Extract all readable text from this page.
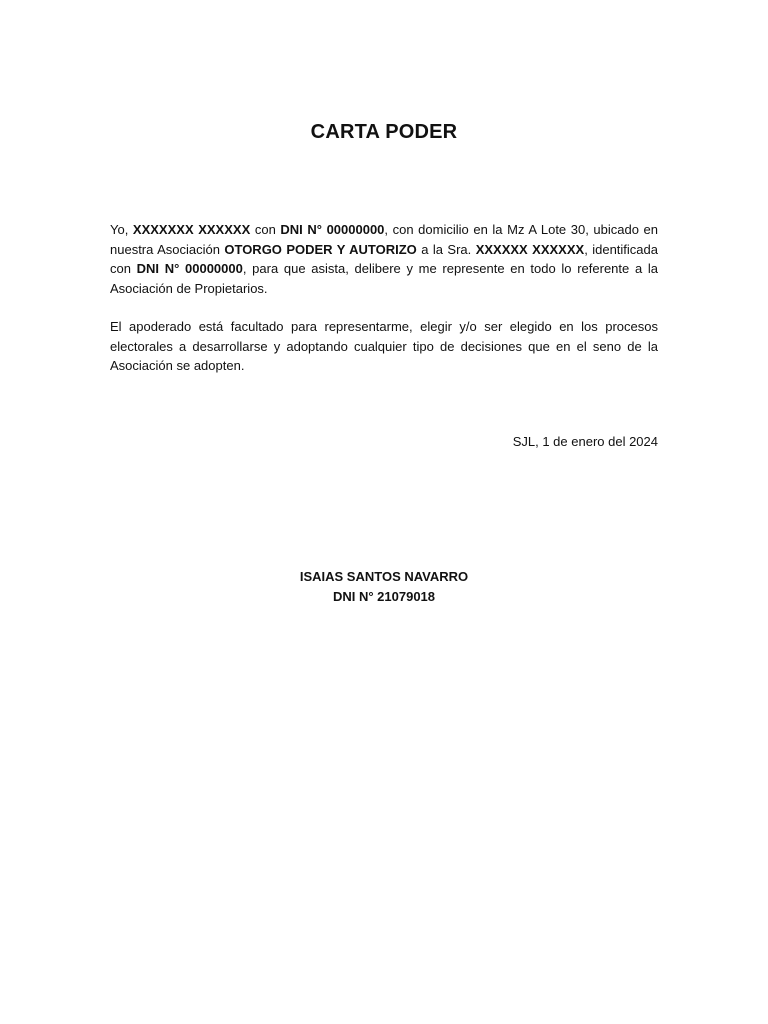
CARTA PODER

Yo, XXXXXXX XXXXXX con DNI N° 00000000, con domicilio en la Mz A Lote 30, ubicado en nuestra Asociación OTORGO PODER Y AUTORIZO a la Sra. XXXXXX XXXXXX, identificada con DNI N° 00000000, para que asista, delibere y me represente en todo lo referente a la Asociación de Propietarios.

El apoderado está facultado para representarme, elegir y/o ser elegido en los procesos electorales a desarrollarse y adoptando cualquier tipo de decisiones que en el seno de la Asociación se adopten.

SJL, 1 de enero del 2024

ISAIAS SANTOS NAVARRO
DNI N° 21079018
